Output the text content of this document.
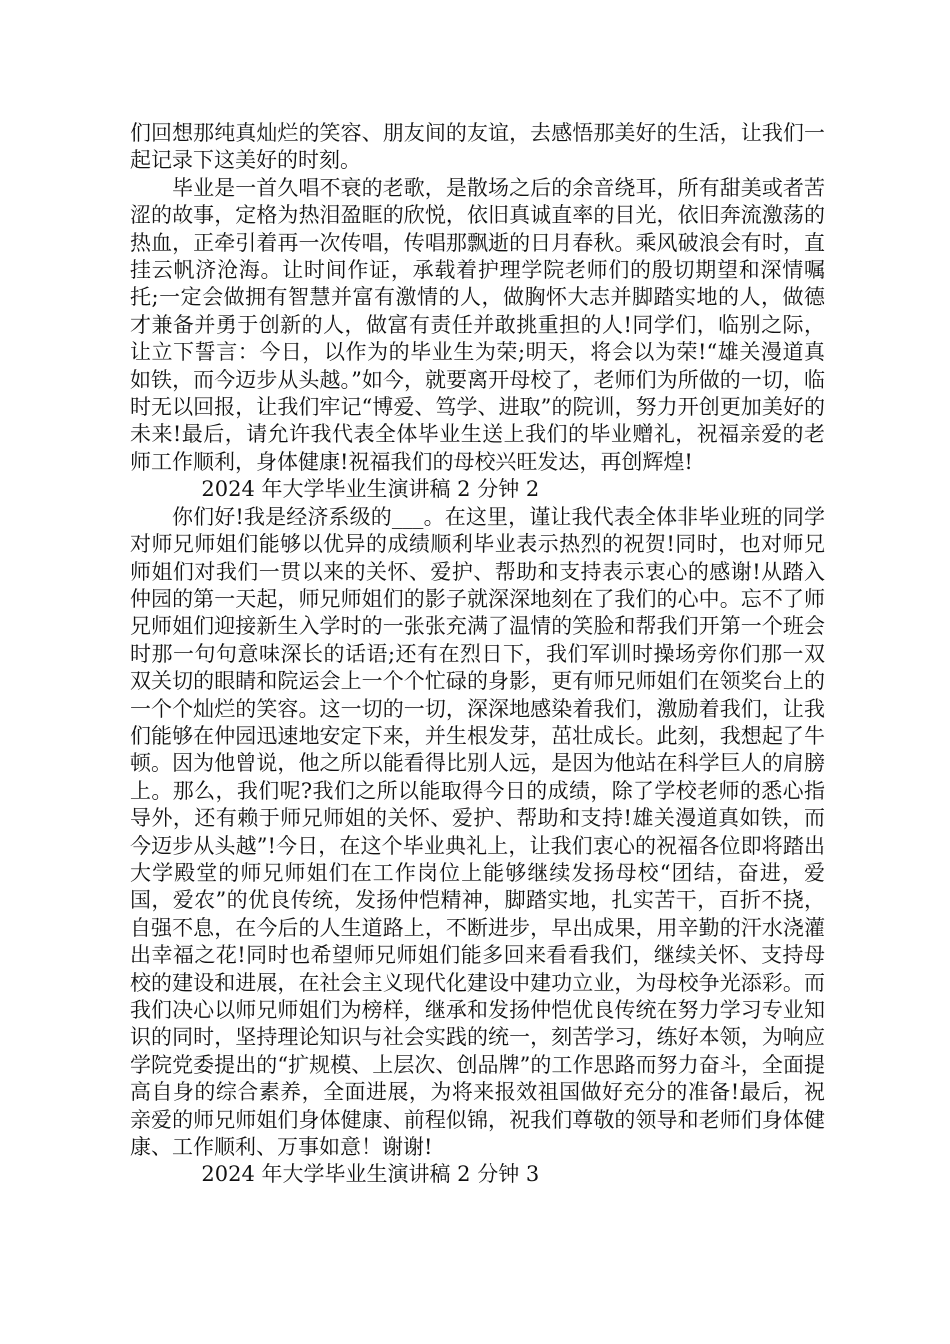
们回想那纯真灿烂的笑容、朋友间的友谊，去感悟那美好的生活，让我们一起记录下这美好的时刻。

毕业是一首久唱不衰的老歌，是散场之后的余音绕耳，所有甜美或者苦涩的故事，定格为热泪盈眶的欣悦，依旧真诚直率的目光，依旧奔流激荡的热血，正牵引着再一次传唱，传唱那飘逝的日月春秋。乘风破浪会有时，直挂云帆济沧海。让时间作证，承载着护理学院老师们的殷切期望和深情嘱托;一定会做拥有智慧并富有激情的人，做胸怀大志并脚踏实地的人，做德才兼备并勇于创新的人，做富有责任并敢挑重担的人!同学们，临别之际，让立下誓言：今日，以作为的毕业生为荣;明天，将会以为荣!“雄关漫道真如铁，而今迈步从头越。”如今，就要离开母校了，老师们为所做的一切，临时无以回报，让我们牢记“博爱、笃学、进取”的院训，努力开创更加美好的未来!最后，请允许我代表全体毕业生送上我们的毕业赠礼，祝福亲爱的老师工作顺利，身体健康!祝福我们的母校兴旺发达，再创辉煌!

2024 年大学毕业生演讲稿 2 分钟 2

你们好!我是经济系级的___。在这里，谨让我代表全体非毕业班的同学对师兄师姐们能够以优异的成绩顺利毕业表示热烈的祝贺!同时，也对师兄师姐们对我们一贯以来的关怀、爱护、帮助和支持表示衷心的感谢!从踏入仲园的第一天起，师兄师姐们的影子就深深地刻在了我们的心中。忘不了师兄师姐们迎接新生入学时的一张张充满了温情的笑脸和帮我们开第一个班会时那一句句意味深长的话语;还有在烈日下，我们军训时操场旁你们那一双双关切的眼睛和院运会上一个个忙碌的身影，更有师兄师姐们在领奖台上的一个个灿烂的笑容。这一切的一切，深深地感染着我们，激励着我们，让我们能够在仲园迅速地安定下来，并生根发芽，茁壮成长。此刻，我想起了牛顿。因为他曾说，他之所以能看得比别人远，是因为他站在科学巨人的肩膀上。那么，我们呢?我们之所以能取得今日的成绩，除了学校老师的悉心指导外，还有赖于师兄师姐的关怀、爱护、帮助和支持!雄关漫道真如铁，而今迈步从头越”!今日，在这个毕业典礼上，让我们衷心的祝福各位即将踏出大学殿堂的师兄师姐们在工作岗位上能够继续发扬母校“团结，奋进，爱国，爱农”的优良传统，发扬仲恺精神，脚踏实地，扎实苦干，百折不挠，自强不息，在今后的人生道路上，不断进步，早出成果，用辛勤的汗水浇灌出幸福之花!同时也希望师兄师姐们能多回来看看我们，继续关怀、支持母校的建设和进展，在社会主义现代化建设中建功立业，为母校争光添彩。而我们决心以师兄师姐们为榜样，继承和发扬仲恺优良传统在努力学习专业知识的同时，坚持理论知识与社会实践的统一，刻苦学习，练好本领，为响应学院党委提出的“扩规模、上层次、创品牌”的工作思路而努力奋斗，全面提高自身的综合素养，全面进展，为将来报效祖国做好充分的准备!最后，祝亲爱的师兄师姐们身体健康、前程似锦，祝我们尊敬的领导和老师们身体健康、工作顺利、万事如意！谢谢!

2024 年大学毕业生演讲稿 2 分钟 3
